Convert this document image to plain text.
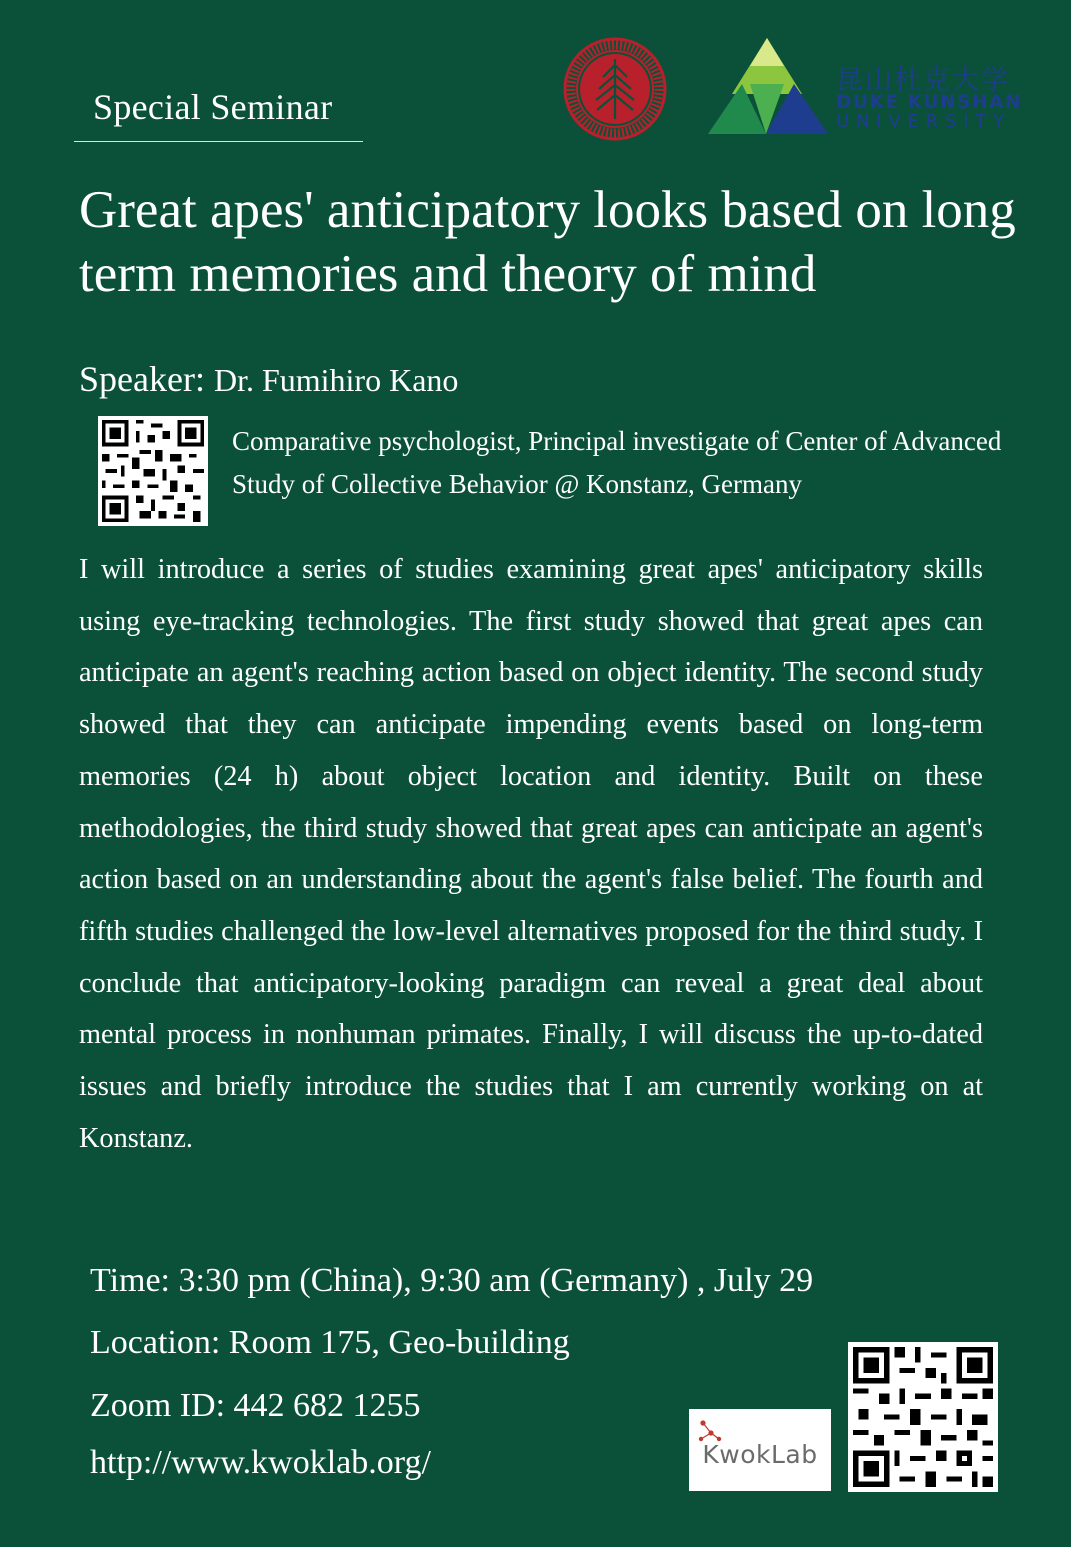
Special Seminar
昆山杜克大学
DUKE KUNSHAN
UNIVERSITY
Great apes' anticipatory looks based on long term memories and theory of mind
Speaker: Dr. Fumihiro Kano
Comparative psychologist, Principal investigate of Center of Advanced Study of Collective Behavior @ Konstanz, Germany
I will introduce a series of studies examining great apes' anticipatory skills using eye-tracking technologies. The first study showed that great apes can anticipate an agent's reaching action based on object identity. The second study showed that they can anticipate impending events based on long-term memories (24 h) about object location and identity. Built on these methodologies, the third study showed that great apes can anticipate an agent's action based on an understanding about the agent's false belief. The fourth and fifth studies challenged the low-level alternatives proposed for the third study. I conclude that anticipatory-looking paradigm can reveal a great deal about mental process in nonhuman primates. Finally, I will discuss the up-to-dated issues and briefly introduce the studies that I am currently working on at Konstanz.
Time: 3:30 pm (China), 9:30 am (Germany) , July 29
Location: Room 175, Geo-building
Zoom ID: 442 682 1255
http://www.kwoklab.org/	KwokLab
